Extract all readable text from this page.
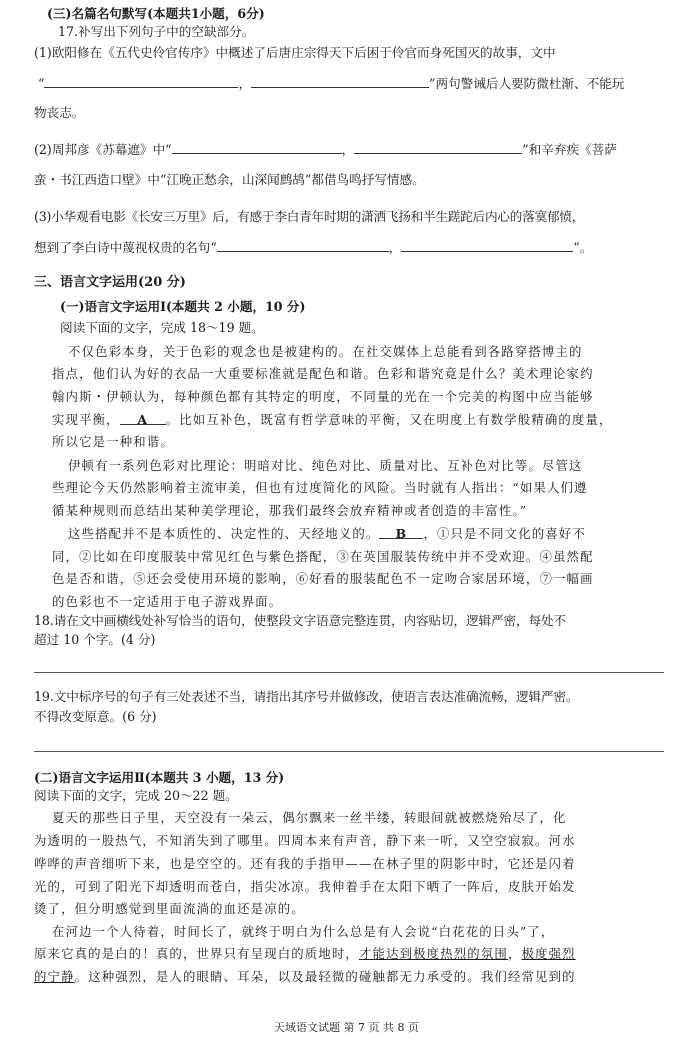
(三)名篇名句默写(本题共1小题，6分)
17.补写出下列句子中的空缺部分。
(1)欧阳修在《五代史伶官传序》中概述了后唐庄宗得天下后困于伶官而身死国灭的故事，文中
“	，	”两句警诫后人要防微杜渐、不能玩
物丧志。
(2)周邦彦《苏幕遮》中“	，	”和辛弃疾《菩萨
蛮・书江西造口壁》中“江晚正愁余，山深闻鹧鸪”都借鸟鸣抒写情感。
(3)小华观看电影《长安三万里》后，有感于李白青年时期的潇洒飞扬和半生蹉跎后内心的落寞郁愤，
想到了李白诗中蔑视权贵的名句“	，	”。
三、语言文字运用(20 分)
(一)语言文字运用Ⅰ(本题共 2 小题，10 分)
阅读下面的文字，完成 18～19 题。
不仅色彩本身，关于色彩的观念也是被建构的。在社交媒体上总能看到各路穿搭博主的
指点，他们认为好的衣品一大重要标准就是配色和谐。色彩和谐究竟是什么？美术理论家约
翰内斯・伊顿认为，每种颜色都有其特定的明度，不同量的光在一个完美的构图中应当能够
实现平衡， A 。比如互补色，既富有哲学意味的平衡，又在明度上有数学般精确的度量，
所以它是一种和谐。
伊顿有一系列色彩对比理论：明暗对比、纯色对比、质量对比、互补色对比等。尽管这
些理论今天仍然影响着主流审美，但也有过度简化的风险。当时就有人指出：“如果人们遵
循某种规则而总结出某种美学理论，那我们最终会放弃精神或者创造的丰富性。”
这些搭配并不是本质性的、决定性的、天经地义的。 B ，①只是不同文化的喜好不
同，②比如在印度服装中常见红色与紫色搭配，③在英国服装传统中并不受欢迎。④虽然配
色是否和谐，⑤还会受使用环境的影响，⑥好看的服装配色不一定吻合家居环境，⑦一幅画
的色彩也不一定适用于电子游戏界面。
18.请在文中画横线处补写恰当的语句，使整段文字语意完整连贯，内容贴切，逻辑严密，每处不
超过 10 个字。(4 分)
19.文中标序号的句子有三处表述不当，请指出其序号并做修改，使语言表达准确流畅，逻辑严密。
不得改变原意。(6 分)
(二)语言文字运用Ⅱ(本题共 3 小题，13 分)
阅读下面的文字，完成 20～22 题。
夏天的那些日子里，天空没有一朵云，偶尔飘来一丝半缕，转眼间就被燃烧殆尽了，化
为透明的一股热气，不知消失到了哪里。四周本来有声音，静下来一听，又空空寂寂。河水
哗哗的声音细听下来，也是空空的。还有我的手指甲——在林子里的阴影中时，它还是闪着
光的，可到了阳光下却透明而苍白，指尖冰凉。我伸着手在太阳下晒了一阵后，皮肤开始发
烫了，但分明感觉到里面流淌的血还是凉的。
在河边一个人待着，时间长了，就终于明白为什么总是有人会说“白花花的日头”了，
原来它真的是白的！真的，世界只有呈现白的质地时，才能达到极度热烈的氛围，极度强烈
的宁静。这种强烈，是人的眼睛、耳朵，以及最轻微的碰触都无力承受的。我们经常见到的
天域语文试题 第 7 页 共 8 页
